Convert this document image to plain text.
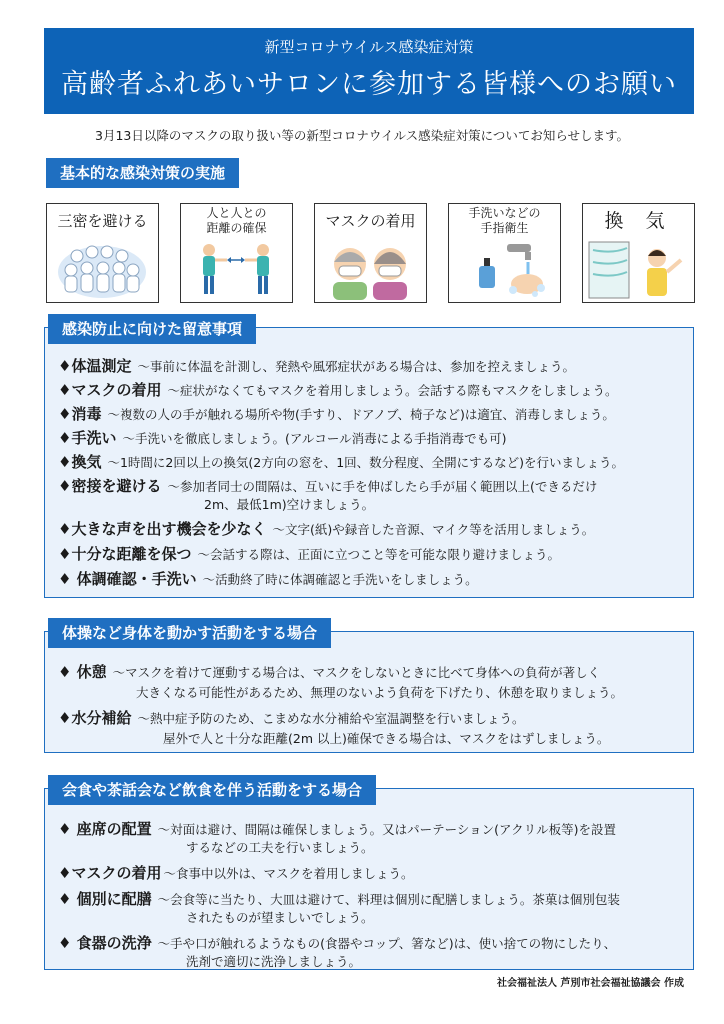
新型コロナウイルス感染症対策
高齢者ふれあいサロンに参加する皆様へのお願い
3月13日以降のマスクの取り扱い等の新型コロナウイルス感染症対策についてお知らせします。
基本的な感染対策の実施
三密を避ける	人と人との
距離の確保	マスクの着用	手洗いなどの
手指衛生	換 気
感染防止に向けた留意事項
♦体温測定 ～事前に体温を計測し、発熱や風邪症状がある場合は、参加を控えましょう。
♦マスクの着用 ～症状がなくてもマスクを着用しましょう。会話する際もマスクをしましょう。
♦消毒 ～複数の人の手が触れる場所や物(手すり、ドアノブ、椅子など)は適宜、消毒しましょう。
♦手洗い ～手洗いを徹底しましょう。(アルコール消毒による手指消毒でも可)
♦換気 ～1時間に2回以上の換気(2方向の窓を、1回、数分程度、全開にするなど)を行いましょう。
♦密接を避ける ～参加者同士の間隔は、互いに手を伸ばしたら手が届く範囲以上(できるだけ
2m、最低1m)空けましょう。
♦大きな声を出す機会を少なく ～文字(紙)や録音した音源、マイク等を活用しましょう。
♦十分な距離を保つ ～会話する際は、正面に立つこと等を可能な限り避けましょう。
♦ 体調確認・手洗い ～活動終了時に体調確認と手洗いをしましょう。
体操など身体を動かす活動をする場合
♦ 休憩 ～マスクを着けて運動する場合は、マスクをしないときに比べて身体への負荷が著しく
大きくなる可能性があるため、無理のないよう負荷を下げたり、休憩を取りましょう。
♦水分補給 ～熱中症予防のため、こまめな水分補給や室温調整を行いましょう。
屋外で人と十分な距離(2m 以上)確保できる場合は、マスクをはずしましょう。
会食や茶話会など飲食を伴う活動をする場合
♦ 座席の配置 ～対面は避け、間隔は確保しましょう。又はパーテーション(アクリル板等)を設置
するなどの工夫を行いましょう。
♦マスクの着用 ～食事中以外は、マスクを着用しましょう。
♦ 個別に配膳 ～会食等に当たり、大皿は避けて、料理は個別に配膳しましょう。茶菓は個別包装
されたものが望ましいでしょう。
♦ 食器の洗浄 ～手や口が触れるようなもの(食器やコップ、箸など)は、使い捨ての物にしたり、
洗剤で適切に洗浄しましょう。
社会福祉法人 芦別市社会福祉協議会 作成
